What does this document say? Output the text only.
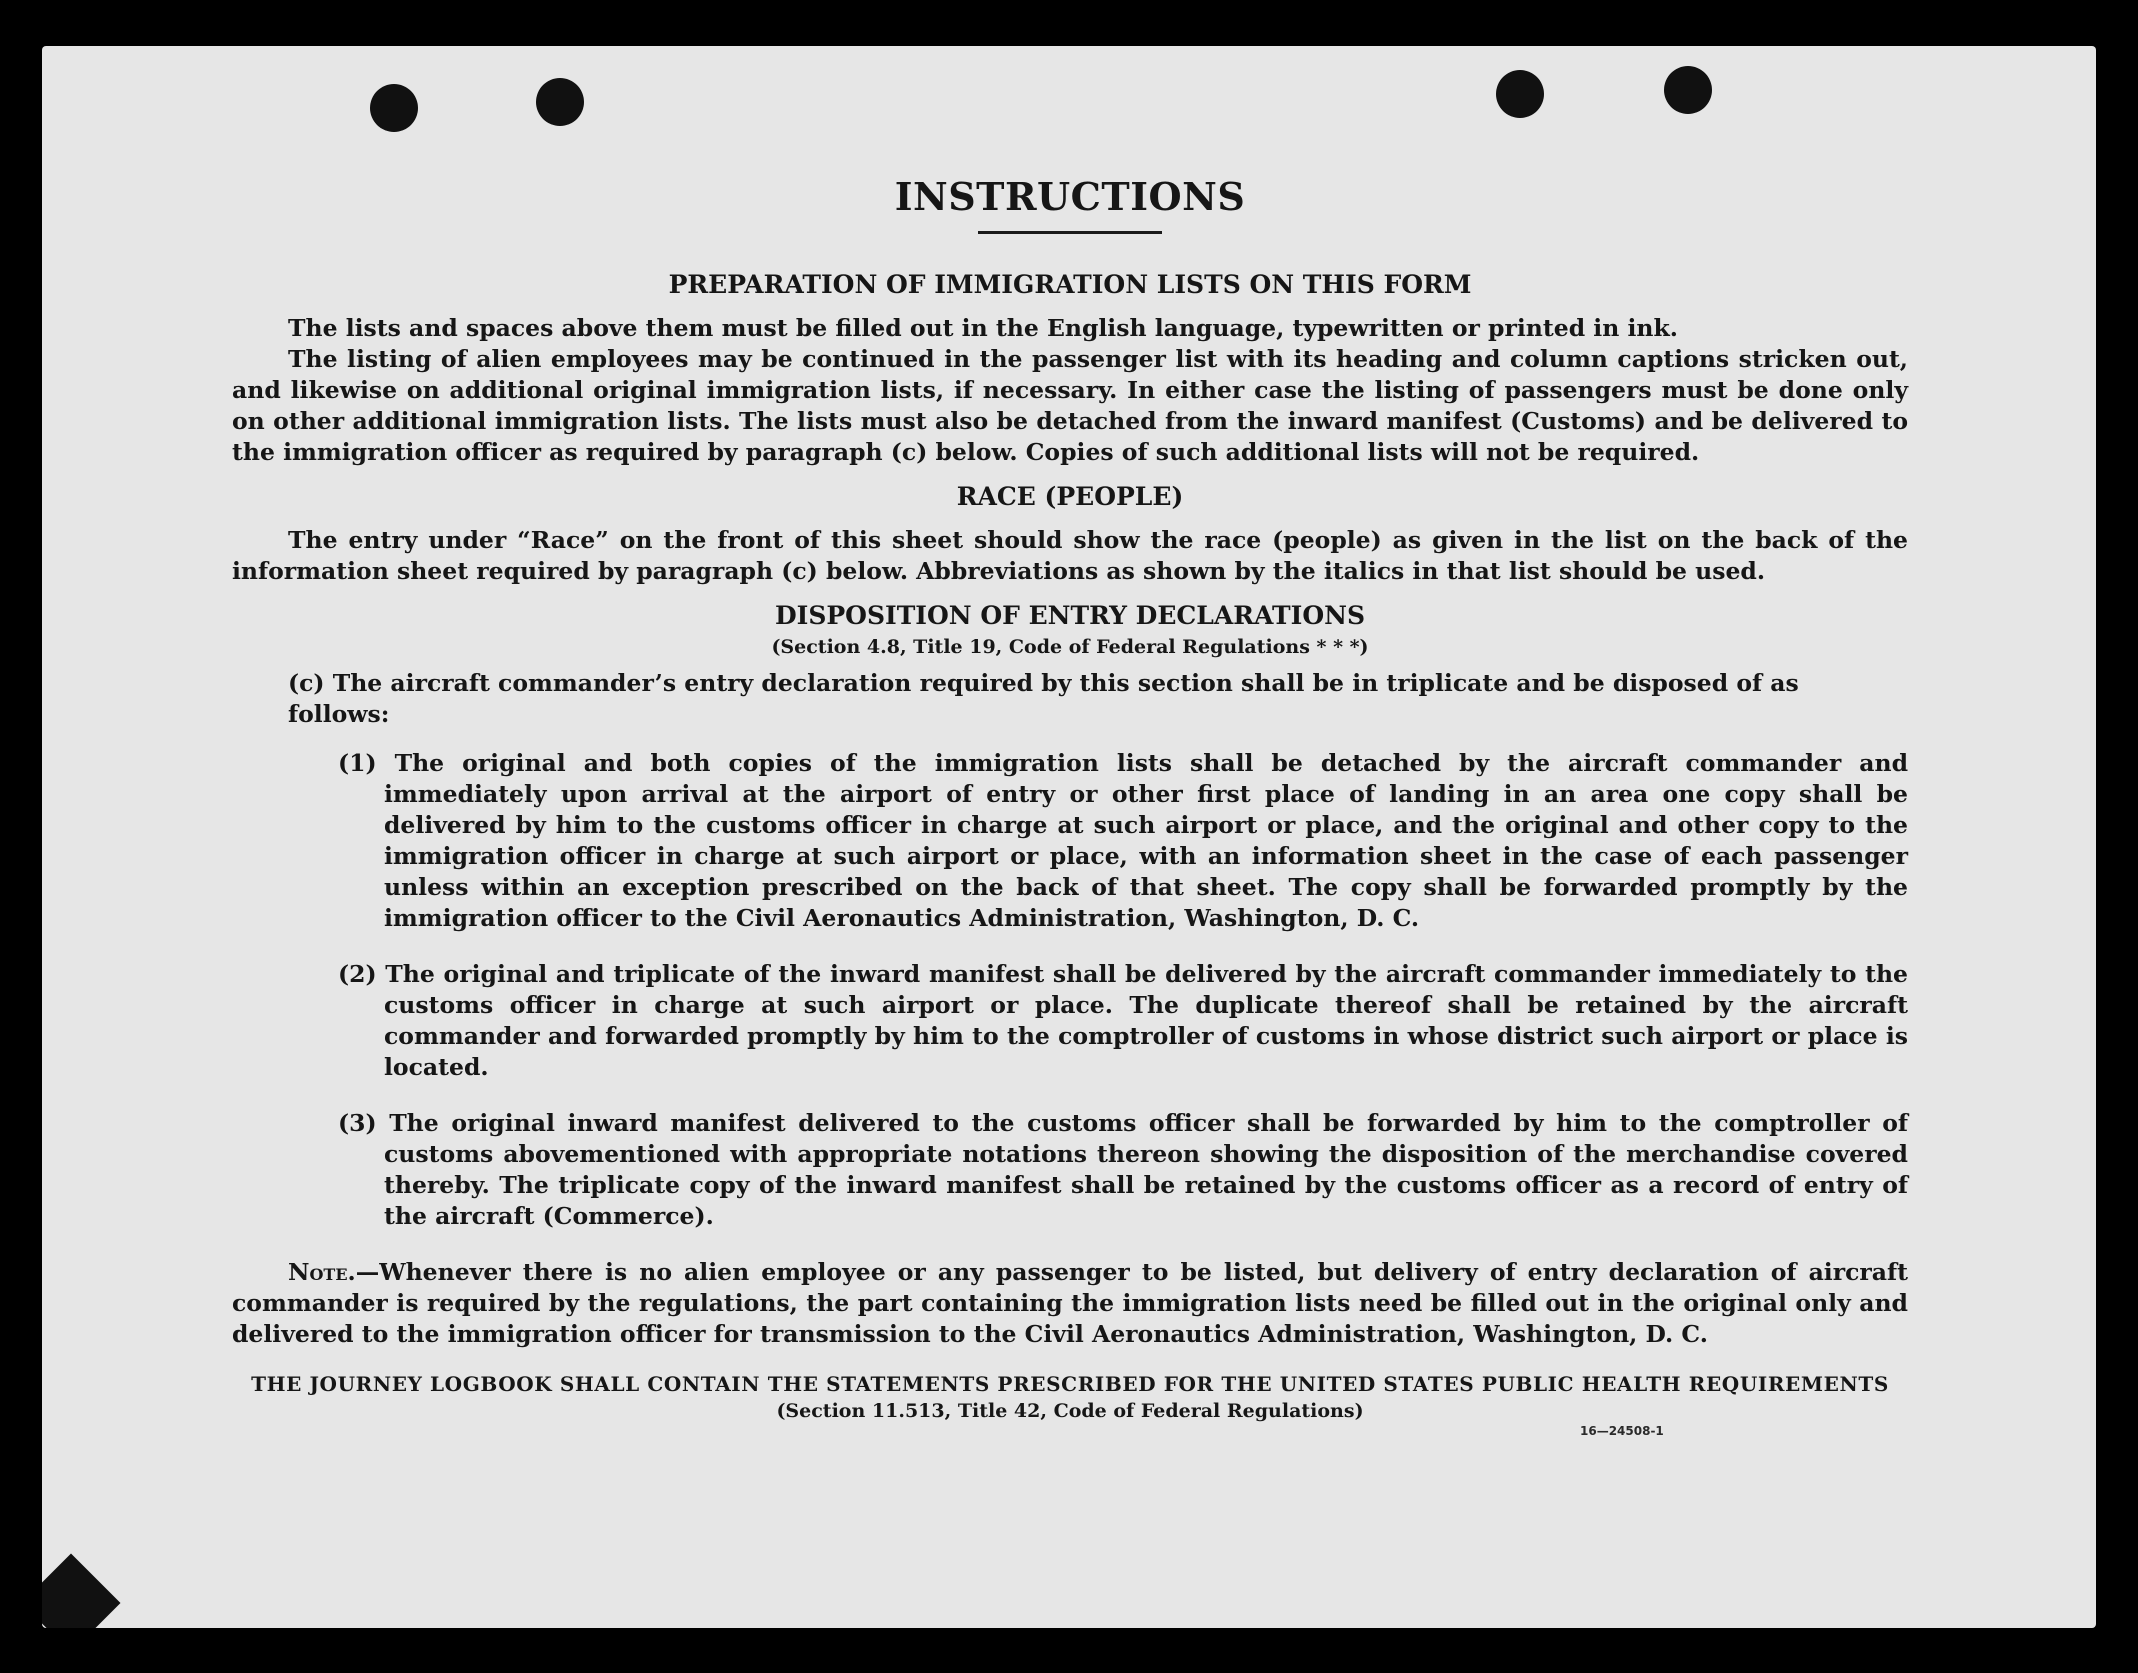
INSTRUCTIONS
PREPARATION OF IMMIGRATION LISTS ON THIS FORM

The lists and spaces above them must be filled out in the English language, typewritten or printed in ink.

The listing of alien employees may be continued in the passenger list with its heading and column captions stricken out, and likewise on additional original immigration lists, if necessary. In either case the listing of passengers must be done only on other additional immigration lists. The lists must also be detached from the inward manifest (Customs) and be delivered to the immigration officer as required by paragraph (c) below. Copies of such additional lists will not be required.

RACE (PEOPLE)

The entry under “Race” on the front of this sheet should show the race (people) as given in the list on the back of the information sheet required by paragraph (c) below. Abbreviations as shown by the italics in that list should be used.

DISPOSITION OF ENTRY DECLARATIONS
(Section 4.8, Title 19, Code of Federal Regulations * * *)

(c) The aircraft commander’s entry declaration required by this section shall be in triplicate and be disposed of as follows:

(1) The original and both copies of the immigration lists shall be detached by the aircraft commander and immediately upon arrival at the airport of entry or other first place of landing in an area one copy shall be delivered by him to the customs officer in charge at such airport or place, and the original and other copy to the immigration officer in charge at such airport or place, with an information sheet in the case of each passenger unless within an exception prescribed on the back of that sheet. The copy shall be forwarded promptly by the immigration officer to the Civil Aeronautics Administration, Washington, D. C.

(2) The original and triplicate of the inward manifest shall be delivered by the aircraft commander immediately to the customs officer in charge at such airport or place. The duplicate thereof shall be retained by the aircraft commander and forwarded promptly by him to the comptroller of customs in whose district such airport or place is located.

(3) The original inward manifest delivered to the customs officer shall be forwarded by him to the comptroller of customs abovementioned with appropriate notations thereon showing the disposition of the merchandise covered thereby. The triplicate copy of the inward manifest shall be retained by the customs officer as a record of entry of the aircraft (Commerce).

Note.—Whenever there is no alien employee or any passenger to be listed, but delivery of entry declaration of aircraft commander is required by the regulations, the part containing the immigration lists need be filled out in the original only and delivered to the immigration officer for transmission to the Civil Aeronautics Administration, Washington, D. C.

THE JOURNEY LOGBOOK SHALL CONTAIN THE STATEMENTS PRESCRIBED FOR THE UNITED STATES PUBLIC HEALTH REQUIREMENTS
(Section 11.513, Title 42, Code of Federal Regulations)
16—24508-1
